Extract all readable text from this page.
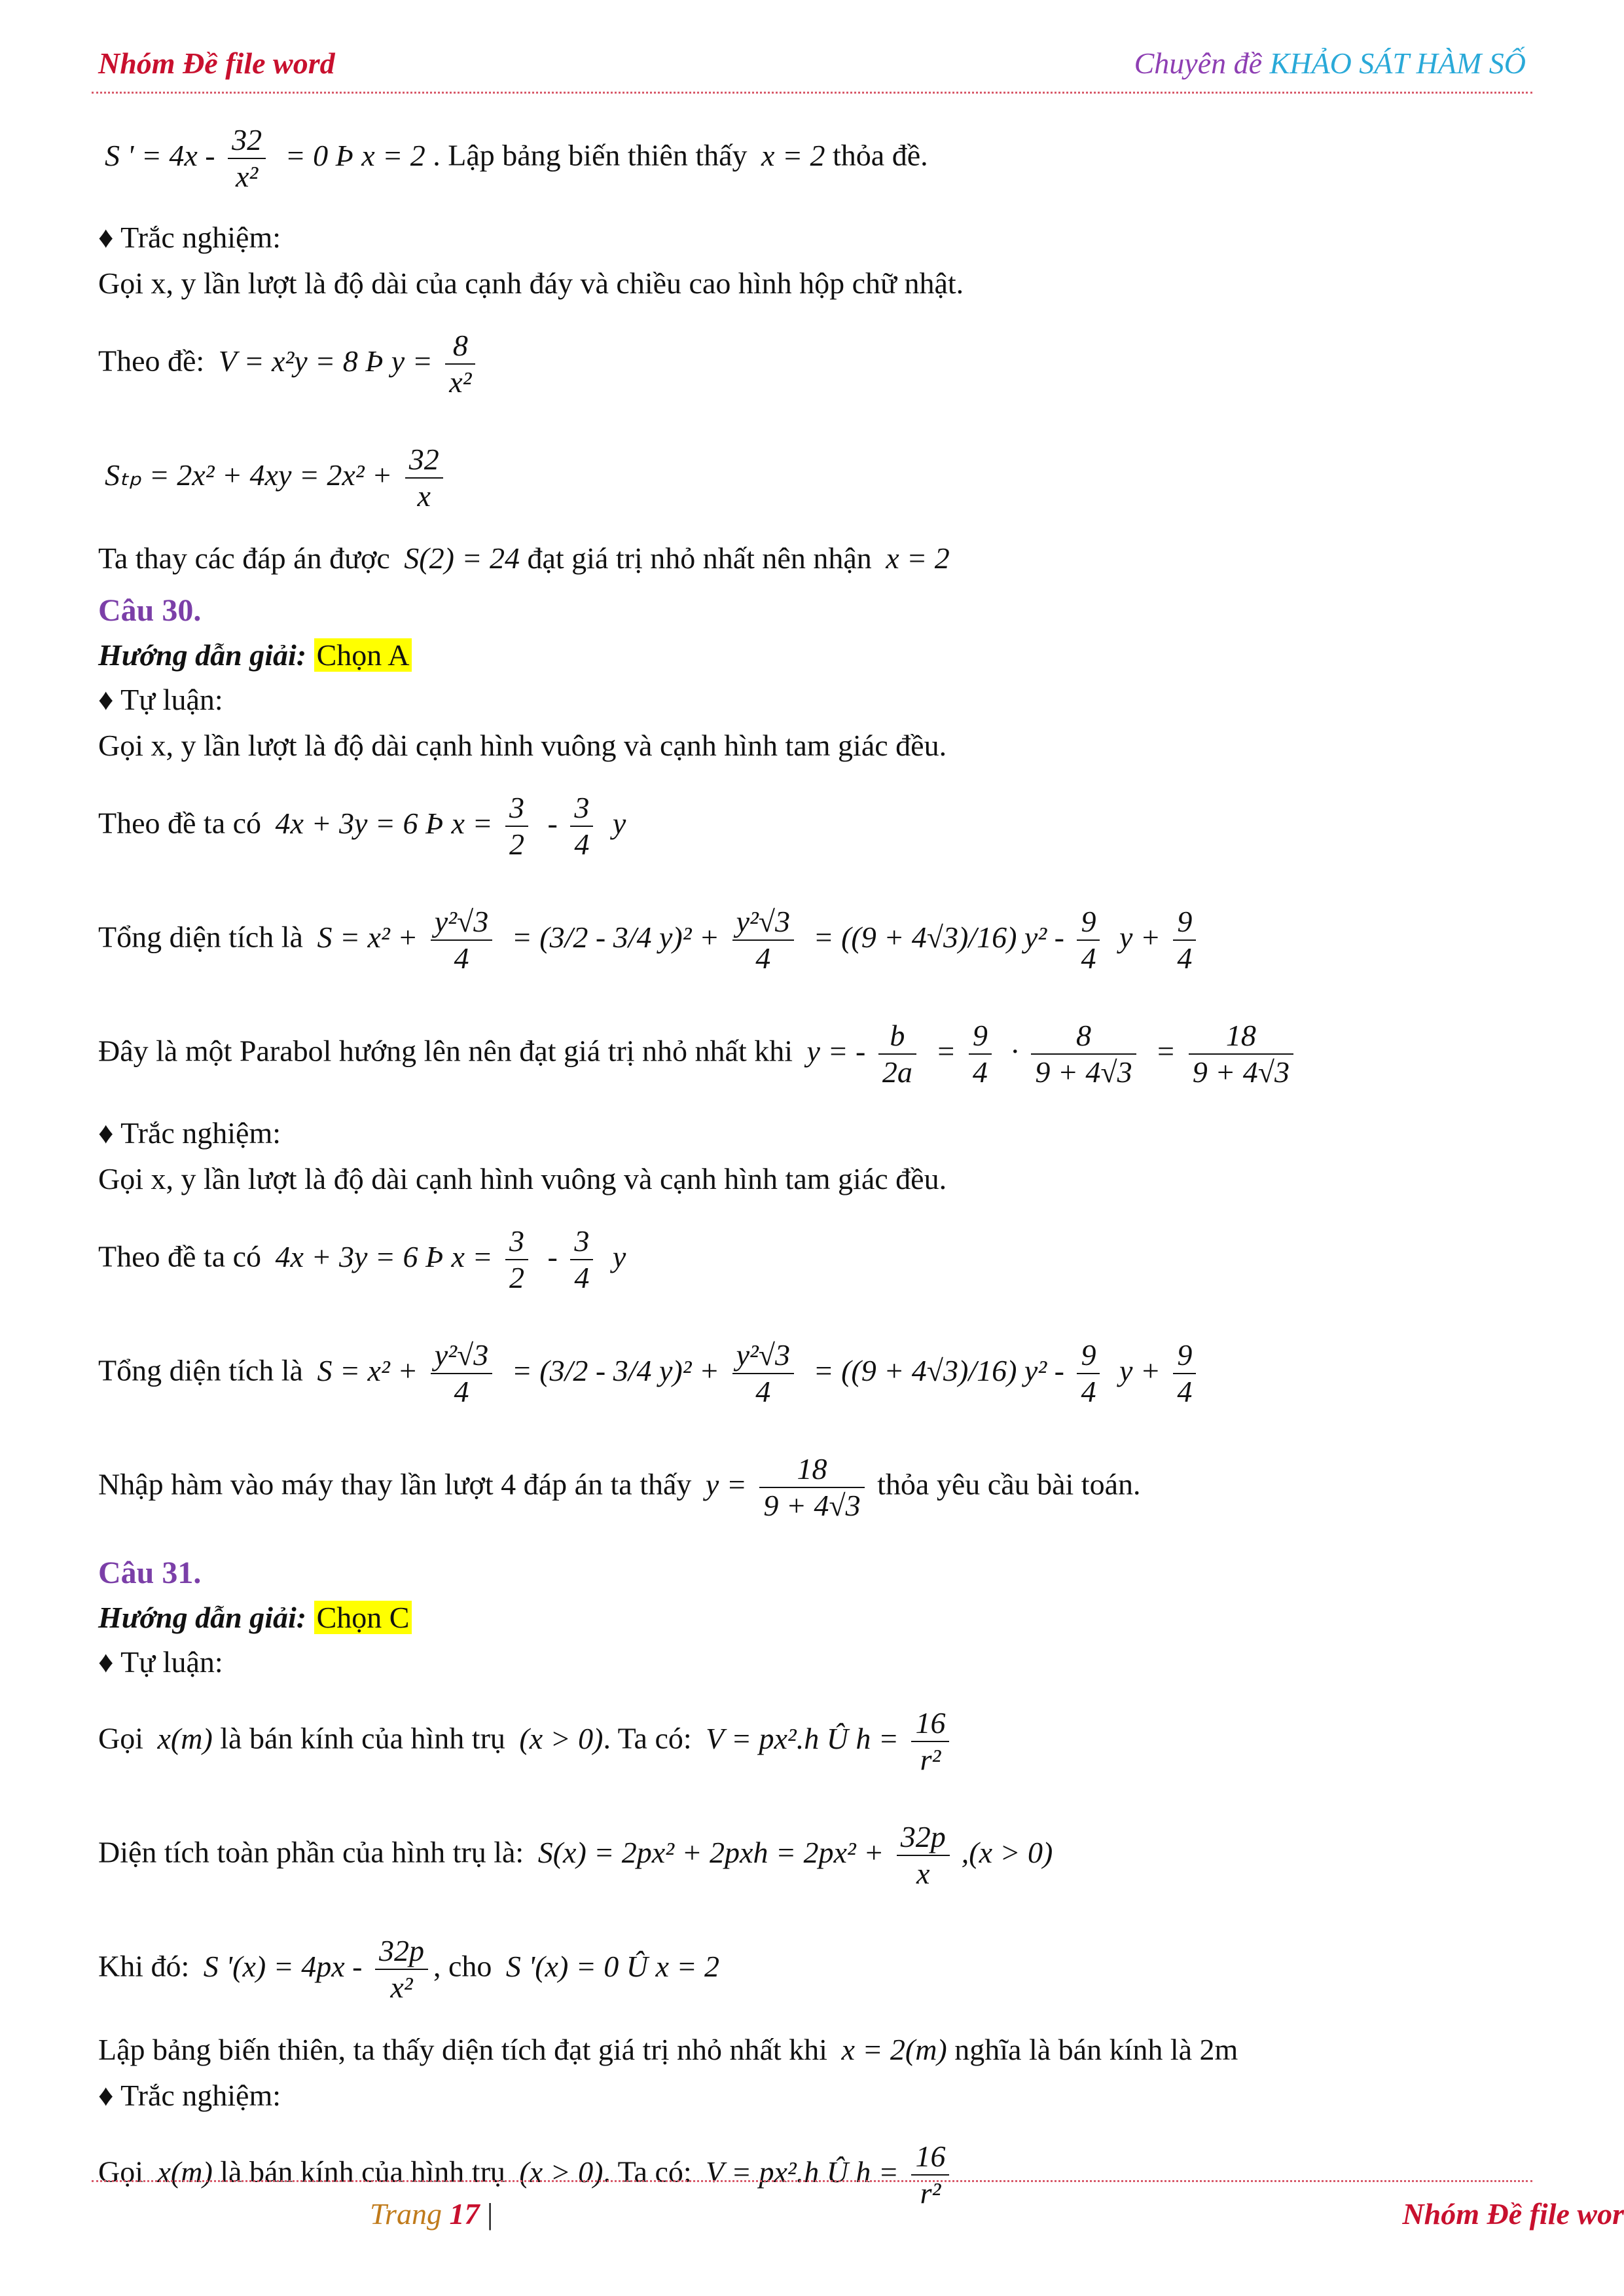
Nhóm Đề file word	Chuyên đề KHẢO SÁT HÀM SỐ

S ' = $4x - \frac{32}{\text{x²}} = 0$ Þ x = 2 . Lập bảng biến thiên thấy x = 2 thỏa đề.

♦ Trắc nghiệm:

Gọi x, y lần lượt là độ dài của cạnh đáy và chiều cao hình hộp chữ nhật.

Theo đề: V = x²y = 8 Þ $y = \frac{8}{\text{x²}}$

$S_{tp} = 2x^2 + 4xy = 2x^2 + \frac{32}{x}$

Ta thay các đáp án được S(2) = 24 đạt giá trị nhỏ nhất nên nhận x = 2

Câu 30.

Hướng dẫn giải: Chọn A

♦ Tự luận:

Gọi x, y lần lượt là độ dài cạnh hình vuông và cạnh hình tam giác đều.

Theo đề ta có 4x + 3y = 6 Þ $x = \frac{3}{2} - \frac{3}{4}$ y

Tổng diện tích là $S = x^2 + \frac{\text{y²√3}}{4} = (3/2 - 3/4$ $y)^2 + \frac{\text{y²√3}}{4} = ((9 + 4√3)/16)$ $y^2 - \frac{9}{4}$ $y + \frac{9}{4}$

Đây là một Parabol hướng lên nên đạt giá trị nhỏ nhất khi y = - $\frac{b}{2a} = \frac{9}{4} \cdot \frac{8}{9 + 4√3} = \frac{18}{9 + 4√3}$

♦ Trắc nghiệm:

Gọi x, y lần lượt là độ dài cạnh hình vuông và cạnh hình tam giác đều.

Theo đề ta có 4x + 3y = 6 Þ $x = \frac{3}{2} - \frac{3}{4}$ y

Tổng diện tích là $S = x^2 + \frac{\text{y²√3}}{4} = (3/2 - 3/4$ $y)^2 + \frac{\text{y²√3}}{4} = ((9 + 4√3)/16)$ $y^2 - \frac{9}{4}$ $y + \frac{9}{4}$

Nhập hàm vào máy thay lần lượt 4 đáp án ta thấy $y = \frac{18}{9 + 4√3}$ thỏa yêu cầu bài toán.

Câu 31.

Hướng dẫn giải: Chọn C

♦ Tự luận:

Gọi x(m) là bán kính của hình trụ (x > 0). Ta có: V = px².h Û $h = \frac{16}{\text{r²}}$

Diện tích toàn phần của hình trụ là: $S(x) = 2px^2 + 2pxh = 2px^2 + \frac{32p}{x} ,(x > 0)$

Khi đó: S '$(x) = 4px - \frac{32p}{\text{x²}}$ , cho S '(x) = 0 Û x = 2

Lập bảng biến thiên, ta thấy diện tích đạt giá trị nhỏ nhất khi x = 2(m) nghĩa là bán kính là 2m

♦ Trắc nghiệm:

Gọi x(m) là bán kính của hình trụ (x > 0). Ta có: V = px².h Û $h = \frac{16}{\text{r²}}$

Trang 17 |	Nhóm Đề file wor
